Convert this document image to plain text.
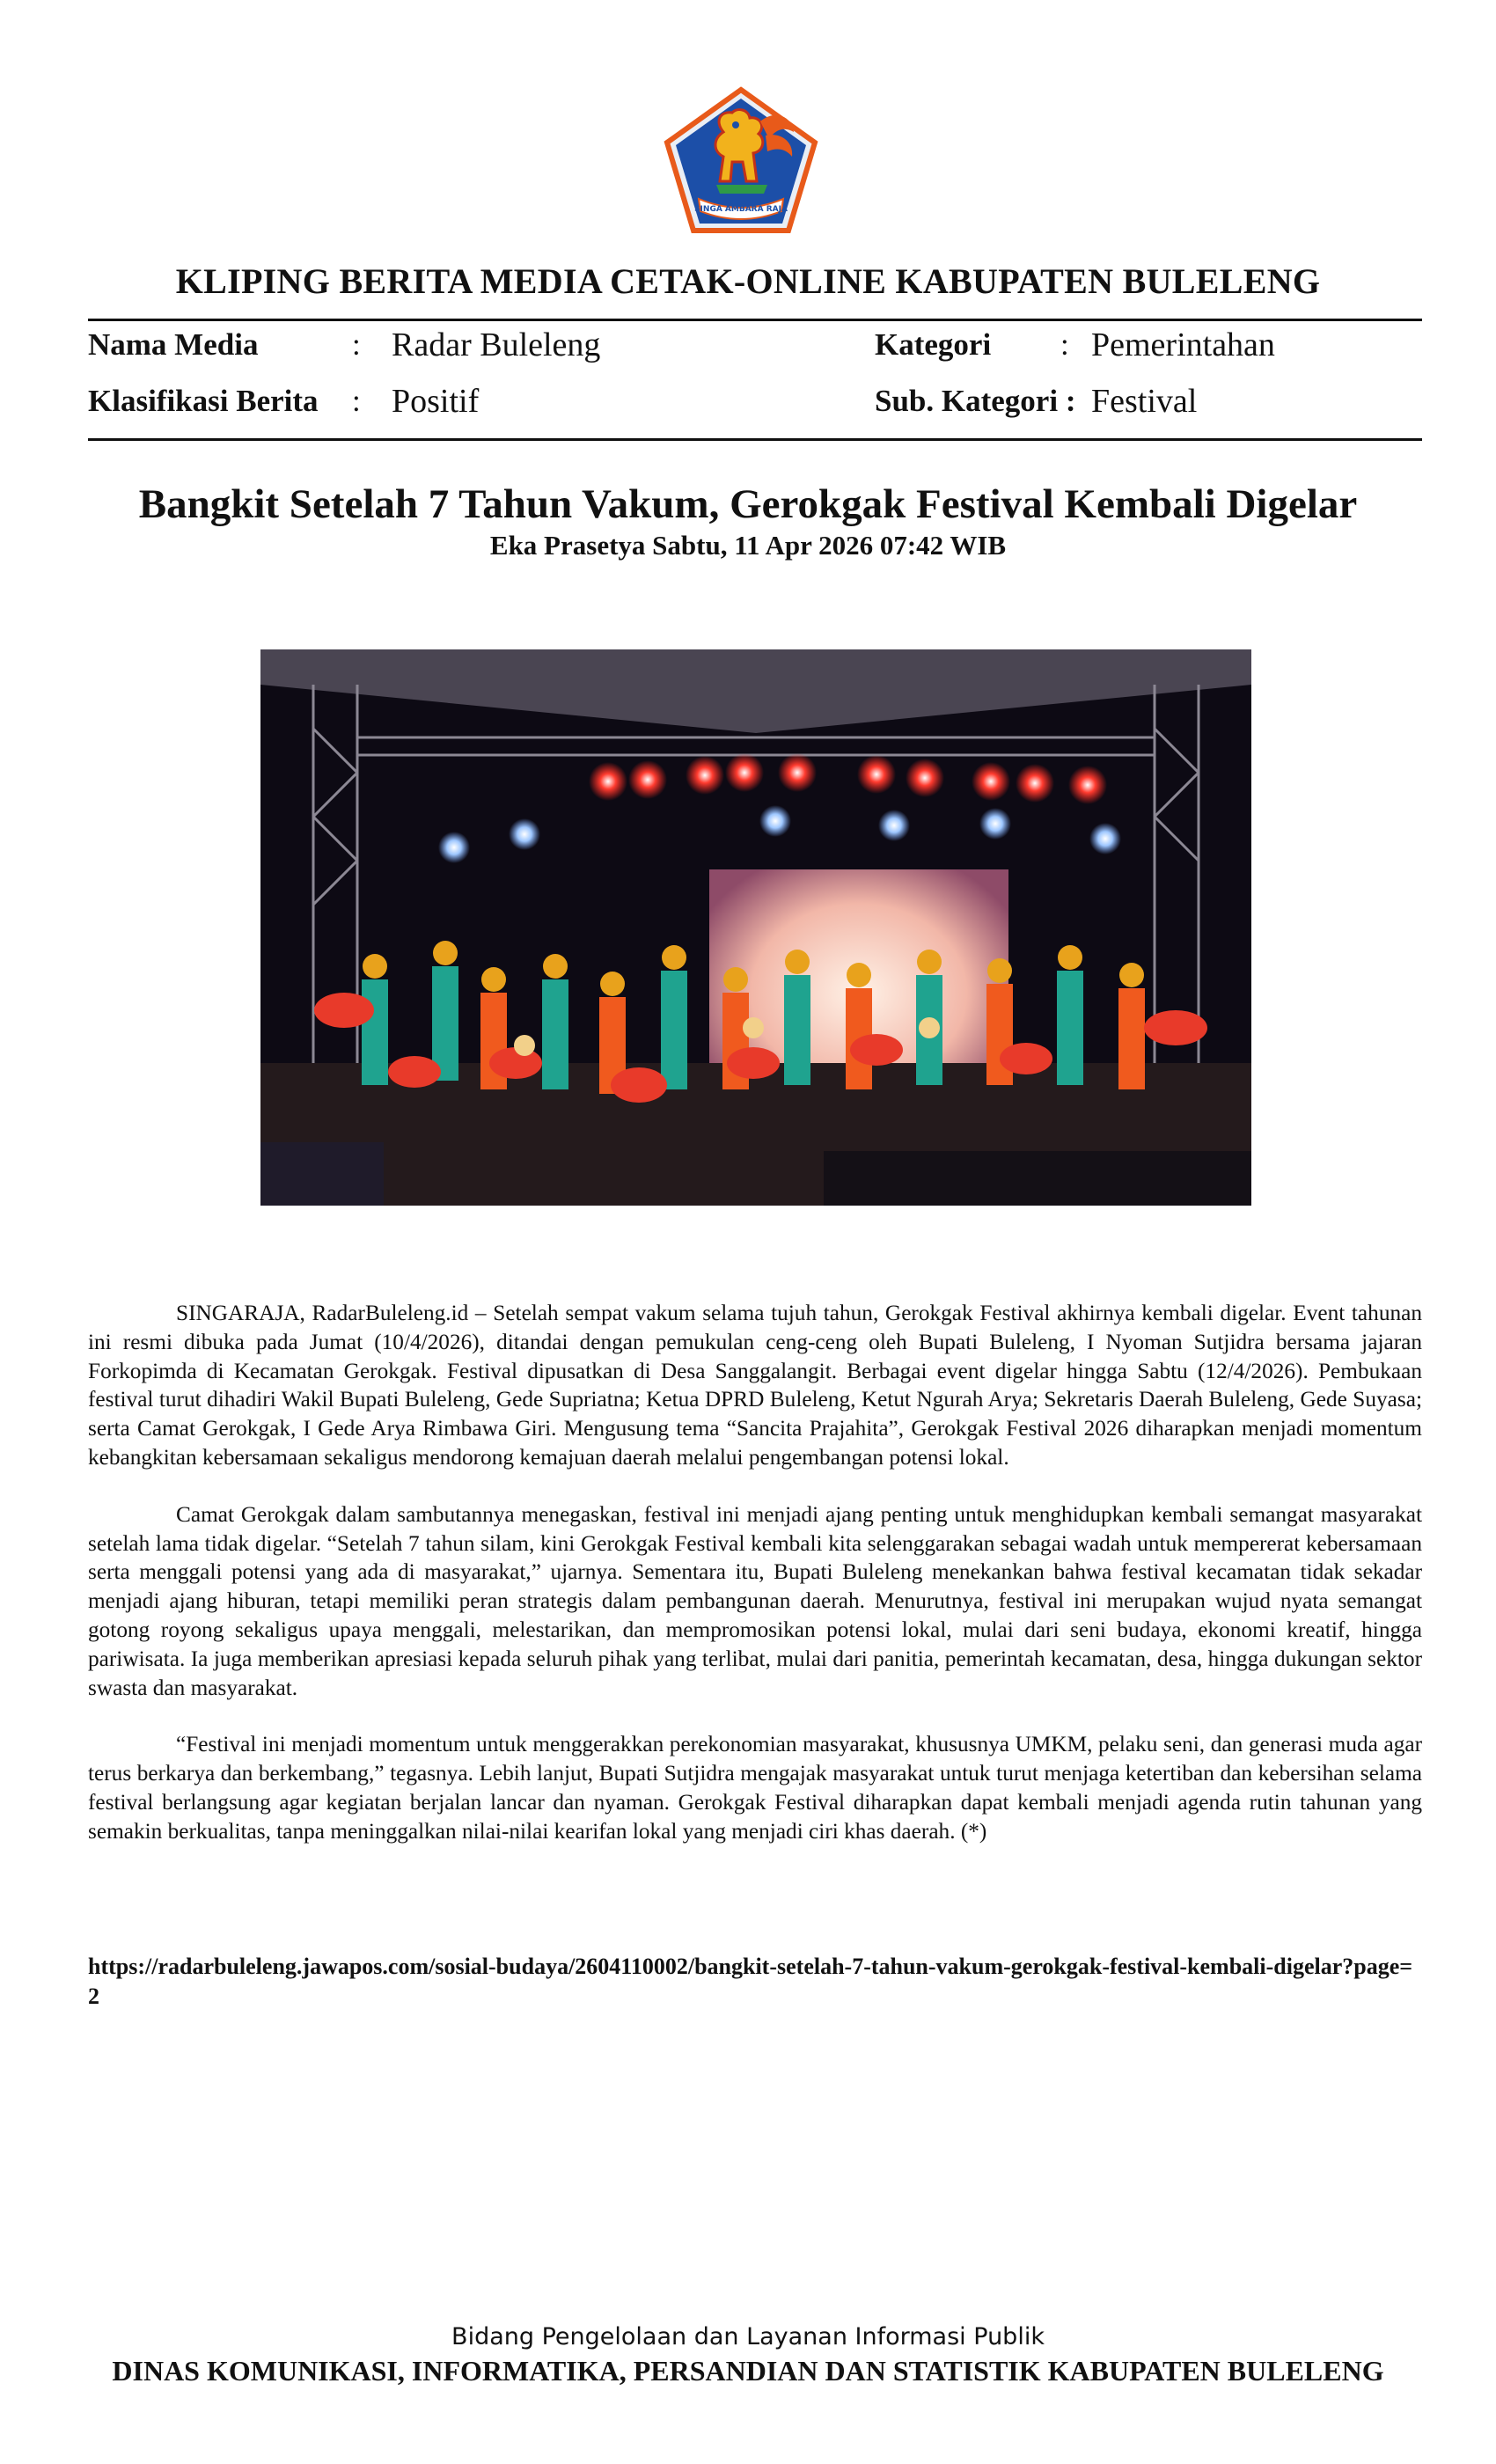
SINGA AMBARA RAJA
KLIPING BERITA MEDIA CETAK-ONLINE KABUPATEN BULELENG
Nama Media	: Radar Buleleng
Klasifikasi Berita : Positif
Kategori : Pemerintahan
Sub. Kategori : Festival
Bangkit Setelah 7 Tahun Vakum, Gerokgak Festival Kembali Digelar
Eka Prasetya Sabtu, 11 Apr 2026 07:42 WIB

SINGARAJA, RadarBuleleng.id – Setelah sempat vakum selama tujuh tahun, Gerokgak Festival akhirnya kembali digelar. Event tahunan ini resmi dibuka pada Jumat (10/4/2026), ditandai dengan pemukulan ceng-ceng oleh Bupati Buleleng, I Nyoman Sutjidra bersama jajaran Forkopimda di Kecamatan Gerokgak. Festival dipusatkan di Desa Sanggalangit. Berbagai event digelar hingga Sabtu (12/4/2026). Pembukaan festival turut dihadiri Wakil Bupati Buleleng, Gede Supriatna; Ketua DPRD Buleleng, Ketut Ngurah Arya; Sekretaris Daerah Buleleng, Gede Suyasa; serta Camat Gerokgak, I Gede Arya Rimbawa Giri. Mengusung tema “Sancita Prajahita”, Gerokgak Festival 2026 diharapkan menjadi momentum kebangkitan kebersamaan sekaligus mendorong kemajuan daerah melalui pengembangan potensi lokal.

Camat Gerokgak dalam sambutannya menegaskan, festival ini menjadi ajang penting untuk menghidupkan kembali semangat masyarakat setelah lama tidak digelar. “Setelah 7 tahun silam, kini Gerokgak Festival kembali kita selenggarakan sebagai wadah untuk mempererat kebersamaan serta menggali potensi yang ada di masyarakat,” ujarnya. Sementara itu, Bupati Buleleng menekankan bahwa festival kecamatan tidak sekadar menjadi ajang hiburan, tetapi memiliki peran strategis dalam pembangunan daerah. Menurutnya, festival ini merupakan wujud nyata semangat gotong royong sekaligus upaya menggali, melestarikan, dan mempromosikan potensi lokal, mulai dari seni budaya, ekonomi kreatif, hingga pariwisata. Ia juga memberikan apresiasi kepada seluruh pihak yang terlibat, mulai dari panitia, pemerintah kecamatan, desa, hingga dukungan sektor swasta dan masyarakat.

“Festival ini menjadi momentum untuk menggerakkan perekonomian masyarakat, khususnya UMKM, pelaku seni, dan generasi muda agar terus berkarya dan berkembang,” tegasnya. Lebih lanjut, Bupati Sutjidra mengajak masyarakat untuk turut menjaga ketertiban dan kebersihan selama festival berlangsung agar kegiatan berjalan lancar dan nyaman. Gerokgak Festival diharapkan dapat kembali menjadi agenda rutin tahunan yang semakin berkualitas, tanpa meninggalkan nilai-nilai kearifan lokal yang menjadi ciri khas daerah. (*)

https://radarbuleleng.jawapos.com/sosial-budaya/2604110002/bangkit-setelah-7-tahun-vakum-gerokgak-festival-kembali-digelar?page=2
Bidang Pengelolaan dan Layanan Informasi Publik
DINAS KOMUNIKASI, INFORMATIKA, PERSANDIAN DAN STATISTIK KABUPATEN BULELENG
